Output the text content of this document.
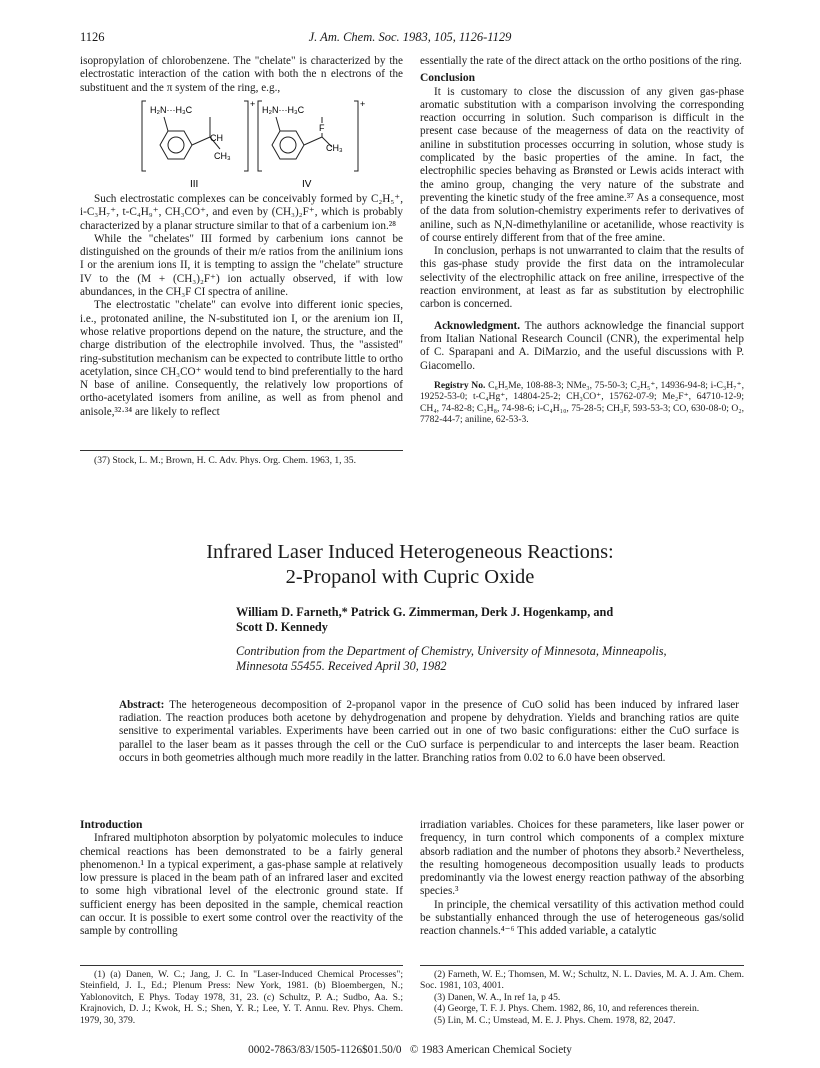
1126	J. Am. Chem. Soc. 1983, 105, 1126-1129

isopropylation of chlorobenzene. The "chelate" is characterized by the electrostatic interaction of the cation with both the n electrons of the substituent and the π system of the ring, e.g.,

H₂N···H₃C
+
CH
CH₃
H₂N···H₃C
+
F
CH₃
III	IV

Such electrostatic complexes can be conceivably formed by C₂H₅⁺, i-C₃H₇⁺, t-C₄H₉⁺, CH₃CO⁺, and even by (CH₃)₂F⁺, which is probably characterized by a planar structure similar to that of a carbenium ion.²⁸

While the "chelates" III formed by carbenium ions cannot be distinguished on the grounds of their m/e ratios from the anilinium ions I or the arenium ions II, it is tempting to assign the "chelate" structure IV to the (M + (CH₃)₂F⁺) ion actually observed, if with low abundances, in the CH₃F CI spectra of aniline.

The electrostatic "chelate" can evolve into different ionic species, i.e., protonated aniline, the N-substituted ion I, or the arenium ion II, whose relative proportions depend on the nature, the structure, and the charge distribution of the electrophile involved. Thus, the "assisted" ring-substitution mechanism can be expected to contribute little to ortho acetylation, since CH₃CO⁺ would tend to bind preferentially to the hard N base of aniline. Consequently, the relatively low proportions of ortho-acetylated isomers from aniline, as well as from phenol and anisole,³²·³⁴ are likely to reflect

(37) Stock, L. M.; Brown, H. C. Adv. Phys. Org. Chem. 1963, 1, 35.

essentially the rate of the direct attack on the ortho positions of the ring.

Conclusion

It is customary to close the discussion of any given gas-phase aromatic substitution with a comparison involving the corresponding reaction occurring in solution. Such comparison is difficult in the present case because of the meagerness of data on the reactivity of aniline in substitution processes occurring in solution, whose study is complicated by the basic properties of the amine. In fact, the electrophilic species behaving as Brønsted or Lewis acids interact with the amino group, changing the very nature of the substrate and preventing the kinetic study of the free amine.³⁷ As a consequence, most of the data from solution-chemistry experiments refer to derivatives of aniline, such as N,N-dimethylaniline or acetanilide, whose reactivity is of course entirely different from that of the free amine.

In conclusion, perhaps is not unwarranted to claim that the results of this gas-phase study provide the first data on the intramolecular selectivity of the electrophilic attack on free aniline, irrespective of the reaction environment, at least as far as substitution by electrophilic carbon is concerned.

Acknowledgment. The authors acknowledge the financial support from Italian National Research Council (CNR), the experimental help of C. Sparapani and A. DiMarzio, and the useful discussions with P. Giacomello.

Registry No. C₆H₅Me, 108-88-3; NMe₃, 75-50-3; C₂H₅⁺, 14936-94-8; i-C₃H₇⁺, 19252-53-0; t-C₄Hg⁺, 14804-25-2; CH₃CO⁺, 15762-07-9; Me₂F⁺, 64710-12-9; CH₄, 74-82-8; C₃H₈, 74-98-6; i-C₄H₁₀, 75-28-5; CH₃F, 593-53-3; CO, 630-08-0; O₂, 7782-44-7; aniline, 62-53-3.

Infrared Laser Induced Heterogeneous Reactions:
2-Propanol with Cupric Oxide
William D. Farneth,* Patrick G. Zimmerman, Derk J. Hogenkamp, and
Scott D. Kennedy
Contribution from the Department of Chemistry, University of Minnesota, Minneapolis,
Minnesota 55455. Received April 30, 1982
Abstract: The heterogeneous decomposition of 2-propanol vapor in the presence of CuO solid has been induced by infrared laser radiation. The reaction produces both acetone by dehydrogenation and propene by dehydration. Yields and branching ratios are quite sensitive to experimental variables. Experiments have been carried out in one of two basic configurations: either the CuO surface is parallel to the laser beam as it passes through the cell or the CuO surface is perpendicular to and intercepts the laser beam. Reaction occurs in both geometries although much more readily in the latter. Branching ratios from 0.02 to 6.0 have been observed.

Introduction

Infrared multiphoton absorption by polyatomic molecules to induce chemical reactions has been demonstrated to be a fairly general phenomenon.¹ In a typical experiment, a gas-phase sample at relatively low pressure is placed in the beam path of an infrared laser and excited to some high vibrational level of the electronic ground state. If sufficient energy has been deposited in the sample, chemical reaction can occur. It is possible to exert some control over the reactivity of the sample by controlling

irradiation variables. Choices for these parameters, like laser power or frequency, in turn control which components of a complex mixture absorb radiation and the number of photons they absorb.² Nevertheless, the resulting homogeneous decomposition usually leads to products predominantly via the lowest energy reaction pathway of the absorbing species.³

In principle, the chemical versatility of this activation method could be substantially enhanced through the use of heterogeneous gas/solid reaction channels.⁴⁻⁶ This added variable, a catalytic

(1) (a) Danen, W. C.; Jang, J. C. In "Laser-Induced Chemical Processes"; Steinfield, J. I., Ed.; Plenum Press: New York, 1981. (b) Bloembergen, N.; Yablonovitch, E Phys. Today 1978, 31, 23. (c) Schultz, P. A.; Sudbo, Aa. S.; Krajnovich, D. J.; Kwok, H. S.; Shen, Y. R.; Lee, Y. T. Annu. Rev. Phys. Chem. 1979, 30, 379.

(2) Farneth, W. E.; Thomsen, M. W.; Schultz, N. L. Davies, M. A. J. Am. Chem. Soc. 1981, 103, 4001.

(3) Danen, W. A., In ref 1a, p 45.

(4) George, T. F. J. Phys. Chem. 1982, 86, 10, and references therein.

(5) Lin, M. C.; Umstead, M. E. J. Phys. Chem. 1978, 82, 2047.

0002-7863/83/1505-1126$01.50/0   © 1983 American Chemical Society
